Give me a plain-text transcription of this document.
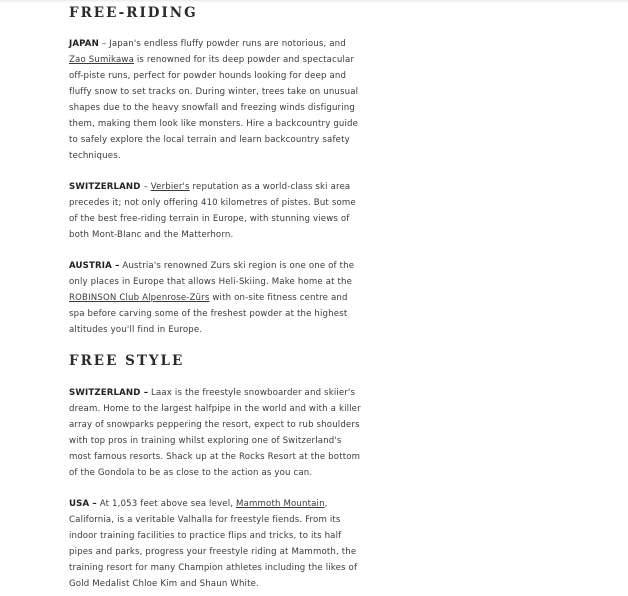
FREE-RIDING

JAPAN – Japan's endless fluffy powder runs are notorious, and Zao Sumikawa is renowned for its deep powder and spectacular off-piste runs, perfect for powder hounds looking for deep and fluffy snow to set tracks on. During winter, trees take on unusual shapes due to the heavy snowfall and freezing winds disfiguring them, making them look like monsters. Hire a backcountry guide to safely explore the local terrain and learn backcountry safety techniques.

SWITZERLAND – Verbier's reputation as a world-class ski area precedes it; not only offering 410 kilometres of pistes. But some of the best free-riding terrain in Europe, with stunning views of both Mont-Blanc and the Matterhorn.

AUSTRIA – Austria's renowned Zurs ski region is one one of the only places in Europe that allows Heli-Skiing. Make home at the ROBINSON Club Alpenrose-Zürs with on-site fitness centre and spa before carving some of the freshest powder at the highest altitudes you'll find in Europe.

FREE STYLE

SWITZERLAND – Laax is the freestyle snowboarder and skiier's dream. Home to the largest halfpipe in the world and with a killer array of snowparks peppering the resort, expect to rub shoulders with top pros in training whilst exploring one of Switzerland's most famous resorts. Shack up at the Rocks Resort at the bottom of the Gondola to be as close to the action as you can.

USA – At 1,053 feet above sea level, Mammoth Mountain, California, is a veritable Valhalla for freestyle fiends. From its indoor training facilities to practice flips and tricks, to its half pipes and parks, progress your freestyle riding at Mammoth, the training resort for many Champion athletes including the likes of Gold Medalist Chloe Kim and Shaun White.
